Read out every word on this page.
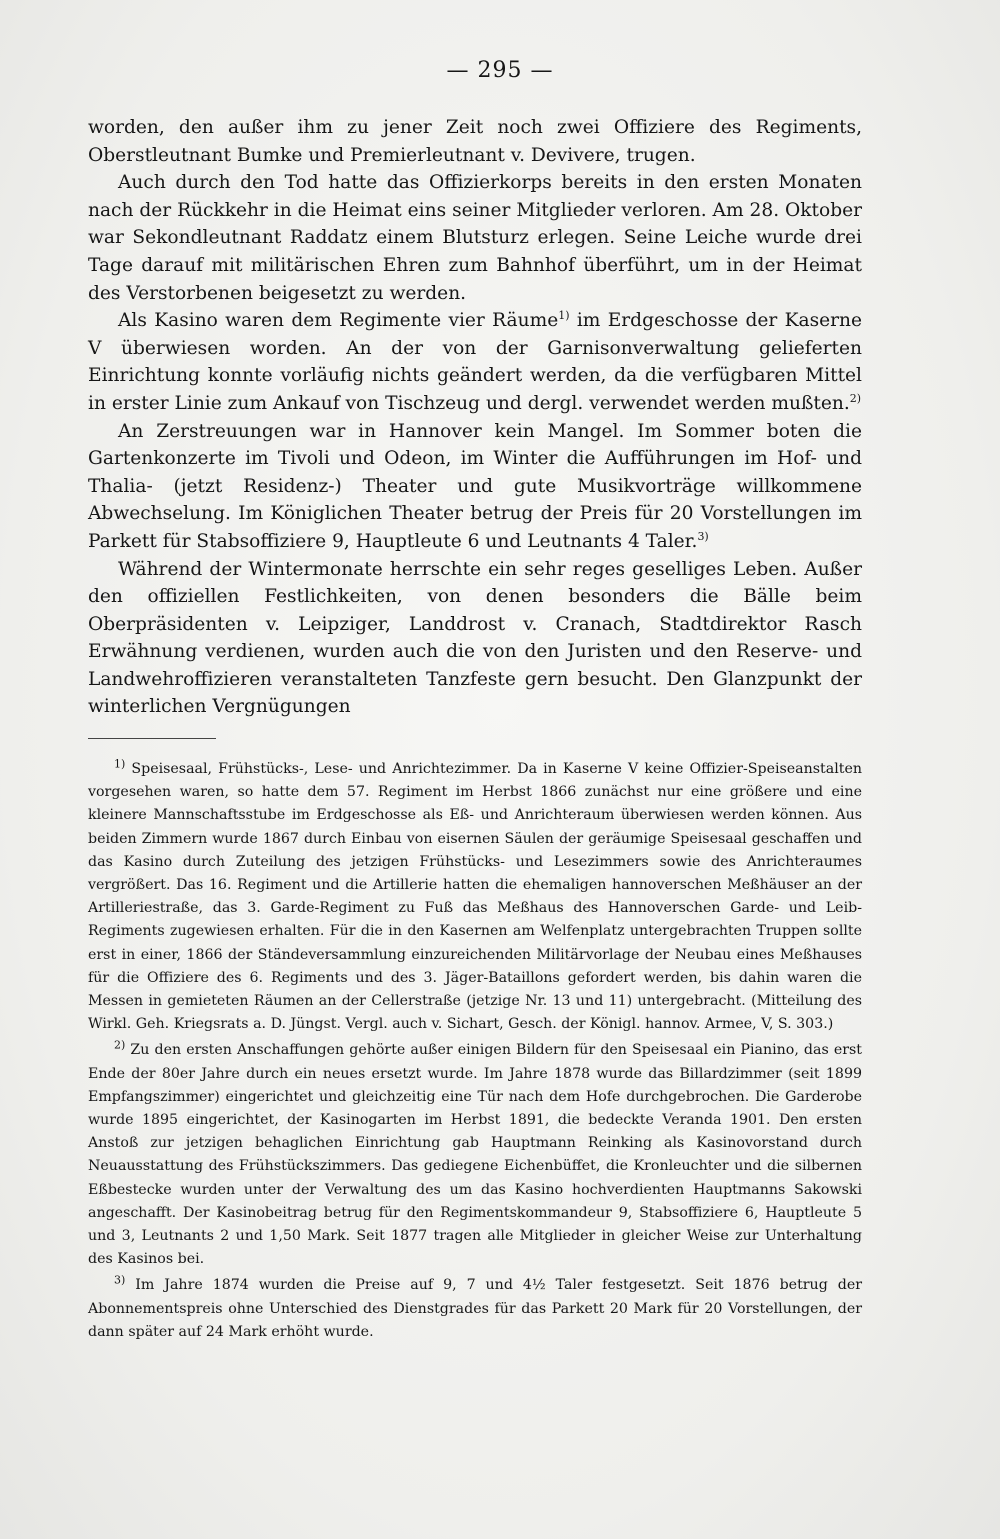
— 295 —

worden, den außer ihm zu jener Zeit noch zwei Offiziere des Regiments, Oberstleutnant Bumke und Premierleutnant v. Devivere, trugen.

Auch durch den Tod hatte das Offizierkorps bereits in den ersten Monaten nach der Rückkehr in die Heimat eins seiner Mitglieder verloren. Am 28. Oktober war Sekondleutnant Raddatz einem Blutsturz erlegen. Seine Leiche wurde drei Tage darauf mit militärischen Ehren zum Bahnhof überführt, um in der Heimat des Verstorbenen beigesetzt zu werden.

Als Kasino waren dem Regimente vier Räume$^{1)}$ im Erdgeschosse der Kaserne V überwiesen worden. An der von der Garnisonverwaltung gelieferten Einrichtung konnte vorläufig nichts geändert werden, da die verfügbaren Mittel in erster Linie zum Ankauf von Tischzeug und dergl. verwendet werden mußten.$^{2)}$

An Zerstreuungen war in Hannover kein Mangel. Im Sommer boten die Gartenkonzerte im Tivoli und Odeon, im Winter die Aufführungen im Hof- und Thalia- (jetzt Residenz-) Theater und gute Musikvorträge willkommene Abwechselung. Im Königlichen Theater betrug der Preis für 20 Vorstellungen im Parkett für Stabsoffiziere 9, Hauptleute 6 und Leutnants 4 Taler.$^{3)}$

Während der Wintermonate herrschte ein sehr reges geselliges Leben. Außer den offiziellen Festlichkeiten, von denen besonders die Bälle beim Oberpräsidenten v. Leipziger, Landdrost v. Cranach, Stadtdirektor Rasch Erwähnung verdienen, wurden auch die von den Juristen und den Reserve- und Landwehroffizieren veranstalteten Tanzfeste gern besucht. Den Glanzpunkt der winterlichen Vergnügungen

$^{1)}$ Speisesaal, Frühstücks-, Lese- und Anrichtezimmer. Da in Kaserne V keine Offizier-Speiseanstalten vorgesehen waren, so hatte dem 57. Regiment im Herbst 1866 zunächst nur eine größere und eine kleinere Mannschaftsstube im Erdgeschosse als Eß- und Anrichteraum überwiesen werden können. Aus beiden Zimmern wurde 1867 durch Einbau von eisernen Säulen der geräumige Speisesaal geschaffen und das Kasino durch Zuteilung des jetzigen Frühstücks- und Lesezimmers sowie des Anrichteraumes vergrößert. Das 16. Regiment und die Artillerie hatten die ehemaligen hannoverschen Meßhäuser an der Artilleriestraße, das 3. Garde-Regiment zu Fuß das Meßhaus des Hannoverschen Garde- und Leib-Regiments zugewiesen erhalten. Für die in den Kasernen am Welfenplatz untergebrachten Truppen sollte erst in einer, 1866 der Ständeversammlung einzureichenden Militärvorlage der Neubau eines Meßhauses für die Offiziere des 6. Regiments und des 3. Jäger-Bataillons gefordert werden, bis dahin waren die Messen in gemieteten Räumen an der Cellerstraße (jetzige Nr. 13 und 11) untergebracht. (Mitteilung des Wirkl. Geh. Kriegsrats a. D. Jüngst. Vergl. auch v. Sichart, Gesch. der Königl. hannov. Armee, V, S. 303.)

$^{2)}$ Zu den ersten Anschaffungen gehörte außer einigen Bildern für den Speisesaal ein Pianino, das erst Ende der 80er Jahre durch ein neues ersetzt wurde. Im Jahre 1878 wurde das Billardzimmer (seit 1899 Empfangszimmer) eingerichtet und gleichzeitig eine Tür nach dem Hofe durchgebrochen. Die Garderobe wurde 1895 eingerichtet, der Kasinogarten im Herbst 1891, die bedeckte Veranda 1901. Den ersten Anstoß zur jetzigen behaglichen Einrichtung gab Hauptmann Reinking als Kasinovorstand durch Neuausstattung des Frühstückszimmers. Das gediegene Eichenbüffet, die Kronleuchter und die silbernen Eßbestecke wurden unter der Verwaltung des um das Kasino hochverdienten Hauptmanns Sakowski angeschafft. Der Kasinobeitrag betrug für den Regimentskommandeur 9, Stabsoffiziere 6, Hauptleute 5 und 3, Leutnants 2 und 1,50 Mark. Seit 1877 tragen alle Mitglieder in gleicher Weise zur Unterhaltung des Kasinos bei.

$^{3)}$ Im Jahre 1874 wurden die Preise auf 9, 7 und 4½ Taler festgesetzt. Seit 1876 betrug der Abonnementspreis ohne Unterschied des Dienstgrades für das Parkett 20 Mark für 20 Vorstellungen, der dann später auf 24 Mark erhöht wurde.
